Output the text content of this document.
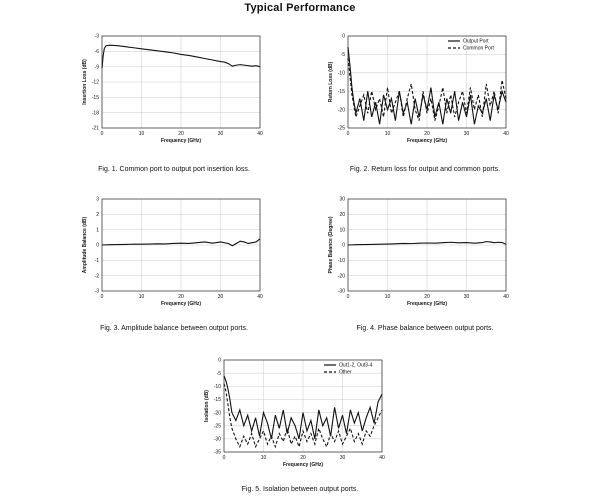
Typical Performance
0	10	20	30	40
-3
-6
-9
-12
-15
-18
-21
Frequency (GHz)
Insertion Loss (dB)
Fig. 1. Common port to output port insertion loss.
0	10	20	30	40
0
-5
-10
-15
-20
-25
Frequency (GHz)
Return Loss (dB)
Output Port
Common Port
Fig. 2. Return loss for output and common ports.
0	10	20	30	40
3
2
1
0
-1
-2
-3
Frequency (GHz)
Amplitude Balance (dB)
Fig. 3. Amplitude balance between output ports.
0	10	20	30	40
30
20
10
0
-10
-20
-30
Frequency (GHz)
Phase Balance (Degree)
Fig. 4. Phase balance between output ports.
0	10	20	30	40
0
-5
-10
-15
-20
-25
-30
-35
Frequency (GHz)
Isolation (dB)
Out1-2, Out3-4
Other
Fig. 5. Isolation between output ports.
